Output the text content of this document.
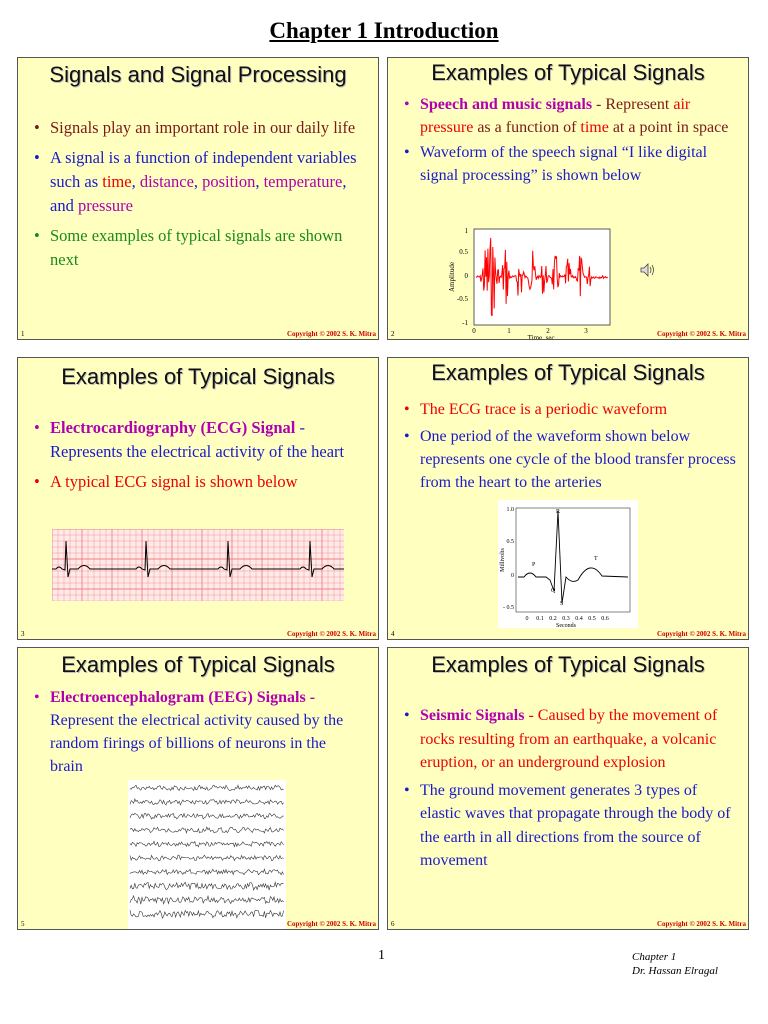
Chapter 1 Introduction
Signals and Signal Processing
• Signals play an important role in our daily life
• A signal is a function of independent variables such as time, distance, position, temperature, and pressure
• Some examples of typical signals are shown next
1	Copyright © 2002 S. K. Mitra
Examples of Typical Signals
• Speech and music signals - Represent air pressure as a function of time at a point in space
• Waveform of the speech signal “I like digital signal processing” is shown below
1
0.5
0
-0.5
-1
0	1	2	3
Time, sec.
Amplitude
2	Copyright © 2002 S. K. Mitra
Examples of Typical Signals
• Electrocardiography (ECG) Signal - Represents the electrical activity of the heart
• A typical ECG signal is shown below
3	Copyright © 2002 S. K. Mitra
Examples of Typical Signals
• The ECG trace is a periodic waveform
• One period of the waveform shown below represents one cycle of the blood transfer process from the heart to the arteries
1.0
0.5
0
- 0.5
0 0.1 0.2 0.3 0.4 0.5 0.6
Seconds
Millivolts
R
P
T
Q
S
4	Copyright © 2002 S. K. Mitra
Examples of Typical Signals
• Electroencephalogram (EEG) Signals -
Represent the electrical activity caused by the random firings of billions of neurons in the brain
5	Copyright © 2002 S. K. Mitra
Examples of Typical Signals
• Seismic Signals - Caused by the movement of rocks resulting from an earthquake, a volcanic eruption, or an underground explosion
• The ground movement generates 3 types of elastic waves that propagate through the body of the earth in all directions from the source of movement
6	Copyright © 2002 S. K. Mitra
1	Chapter 1
Dr. Hassan Elragal
